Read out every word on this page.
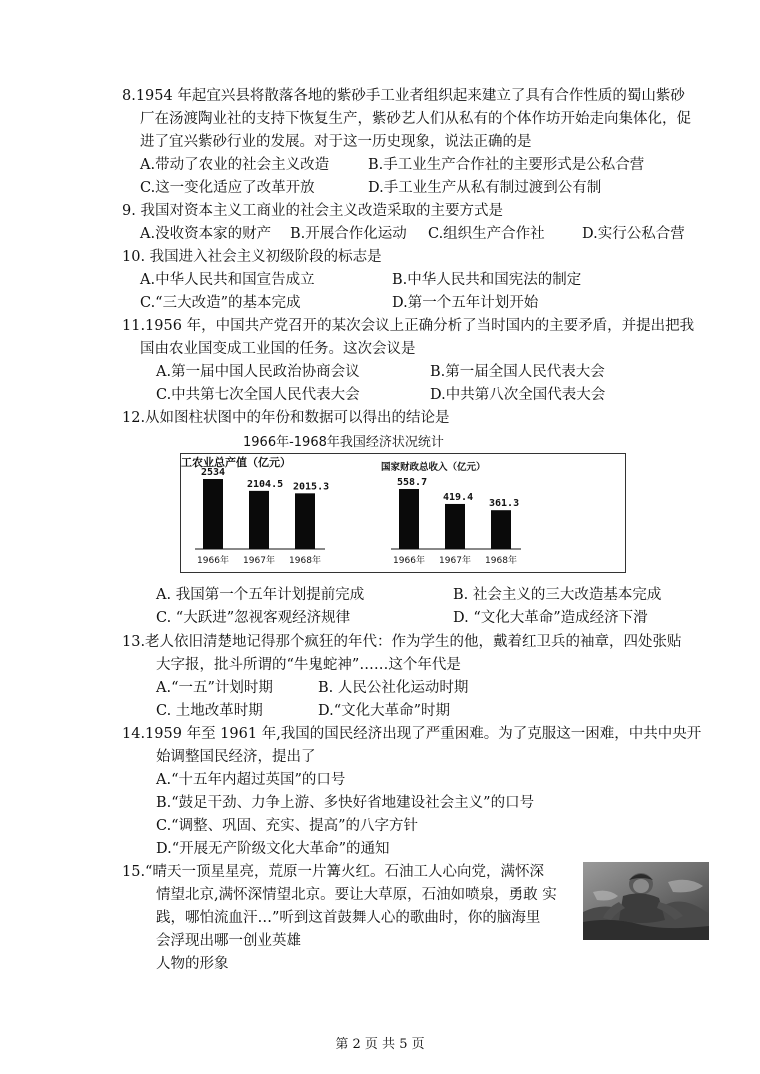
8.1954 年起宜兴县将散落各地的紫砂手工业者组织起来建立了具有合作性质的蜀山紫砂
厂在汤渡陶业社的支持下恢复生产，紫砂艺人们从私有的个体作坊开始走向集体化，促
进了宜兴紫砂行业的发展。对于这一历史现象，说法正确的是
A.带动了农业的社会主义改造	B.手工业生产合作社的主要形式是公私合营
C.这一变化适应了改革开放	D.手工业生产从私有制过渡到公有制
9. 我国对资本主义工商业的社会主义改造采取的主要方式是
A.没收资本家的财产 B.开展合作化运动 C.组织生产合作社	D.实行公私合营
10. 我国进入社会主义初级阶段的标志是
A.中华人民共和国宣告成立	B.中华人民共和国宪法的制定
C.“三大改造”的基本完成	D.第一个五年计划开始
11.1956 年，中国共产党召开的某次会议上正确分析了当时国内的主要矛盾，并提出把我
国由农业国变成工业国的任务。这次会议是
A.第一届中国人民政治协商会议	B.第一届全国人民代表大会
C.中共第七次全国人民代表大会	D.中共第八次全国代表大会
12.从如图柱状图中的年份和数据可以得出的结论是
1966年-1968年我国经济状况统计
工农业总产值（亿元）
2534
1966年
2104.5
1967年
2015.3
1968年
国家财政总收入（亿元）
558.7
1966年
419.4
1967年
361.3
1968年
A. 我国第一个五年计划提前完成	B. 社会主义的三大改造基本完成
C. “大跃进”忽视客观经济规律	D. “文化大革命”造成经济下滑
13.老人依旧清楚地记得那个疯狂的年代：作为学生的他，戴着红卫兵的袖章，四处张贴
大字报，批斗所谓的“牛鬼蛇神”……这个年代是
A.“一五”计划时期	B. 人民公社化运动时期
C. 土地改革时期	D.“文化大革命”时期
14.1959 年至 1961 年,我国的国民经济出现了严重困难。为了克服这一困难，中共中央开
始调整国民经济，提出了
A.“十五年内超过英国”的口号
B.“鼓足干劲、力争上游、多快好省地建设社会主义”的口号
C.“调整、巩固、充实、提高”的八字方针
D.“开展无产阶级文化大革命”的通知
15.“晴天一顶星星亮，荒原一片篝火红。石油工人心向党，满怀深
情望北京,满怀深情望北京。要让大草原，石油如喷泉，勇敢 实
践，哪怕流血汗…”听到这首鼓舞人心的歌曲时，你的脑海里
会浮现出哪一创业英雄
人物的形象
第 2 页 共 5 页
